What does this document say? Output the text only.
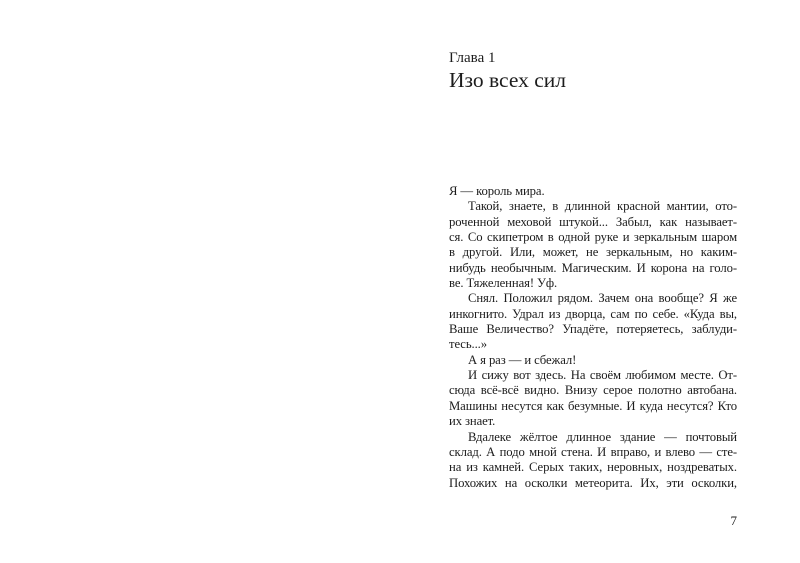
Глава 1
Изо всех сил
Я — король мира.
Такой, знаете, в длинной красной мантии, ото-
роченной меховой штукой... Забыл, как называет-
ся. Со скипетром в одной руке и зеркальным шаром
в другой. Или, может, не зеркальным, но каким-
нибудь необычным. Магическим. И корона на голо-
ве. Тяжеленная! Уф.
Снял. Положил рядом. Зачем она вообще? Я же
инкогнито. Удрал из дворца, сам по себе. «Куда вы,
Ваше Величество? Упадёте, потеряетесь, заблуди-
тесь...»
А я раз — и сбежал!
И сижу вот здесь. На своём любимом месте. От-
сюда всё-всё видно. Внизу серое полотно автобана.
Машины несутся как безумные. И куда несутся? Кто
их знает.
Вдалеке жёлтое длинное здание — почтовый
склад. А подо мной стена. И вправо, и влево — сте-
на из камней. Серых таких, неровных, ноздреватых.
Похожих на осколки метеорита. Их, эти осколки,
7
